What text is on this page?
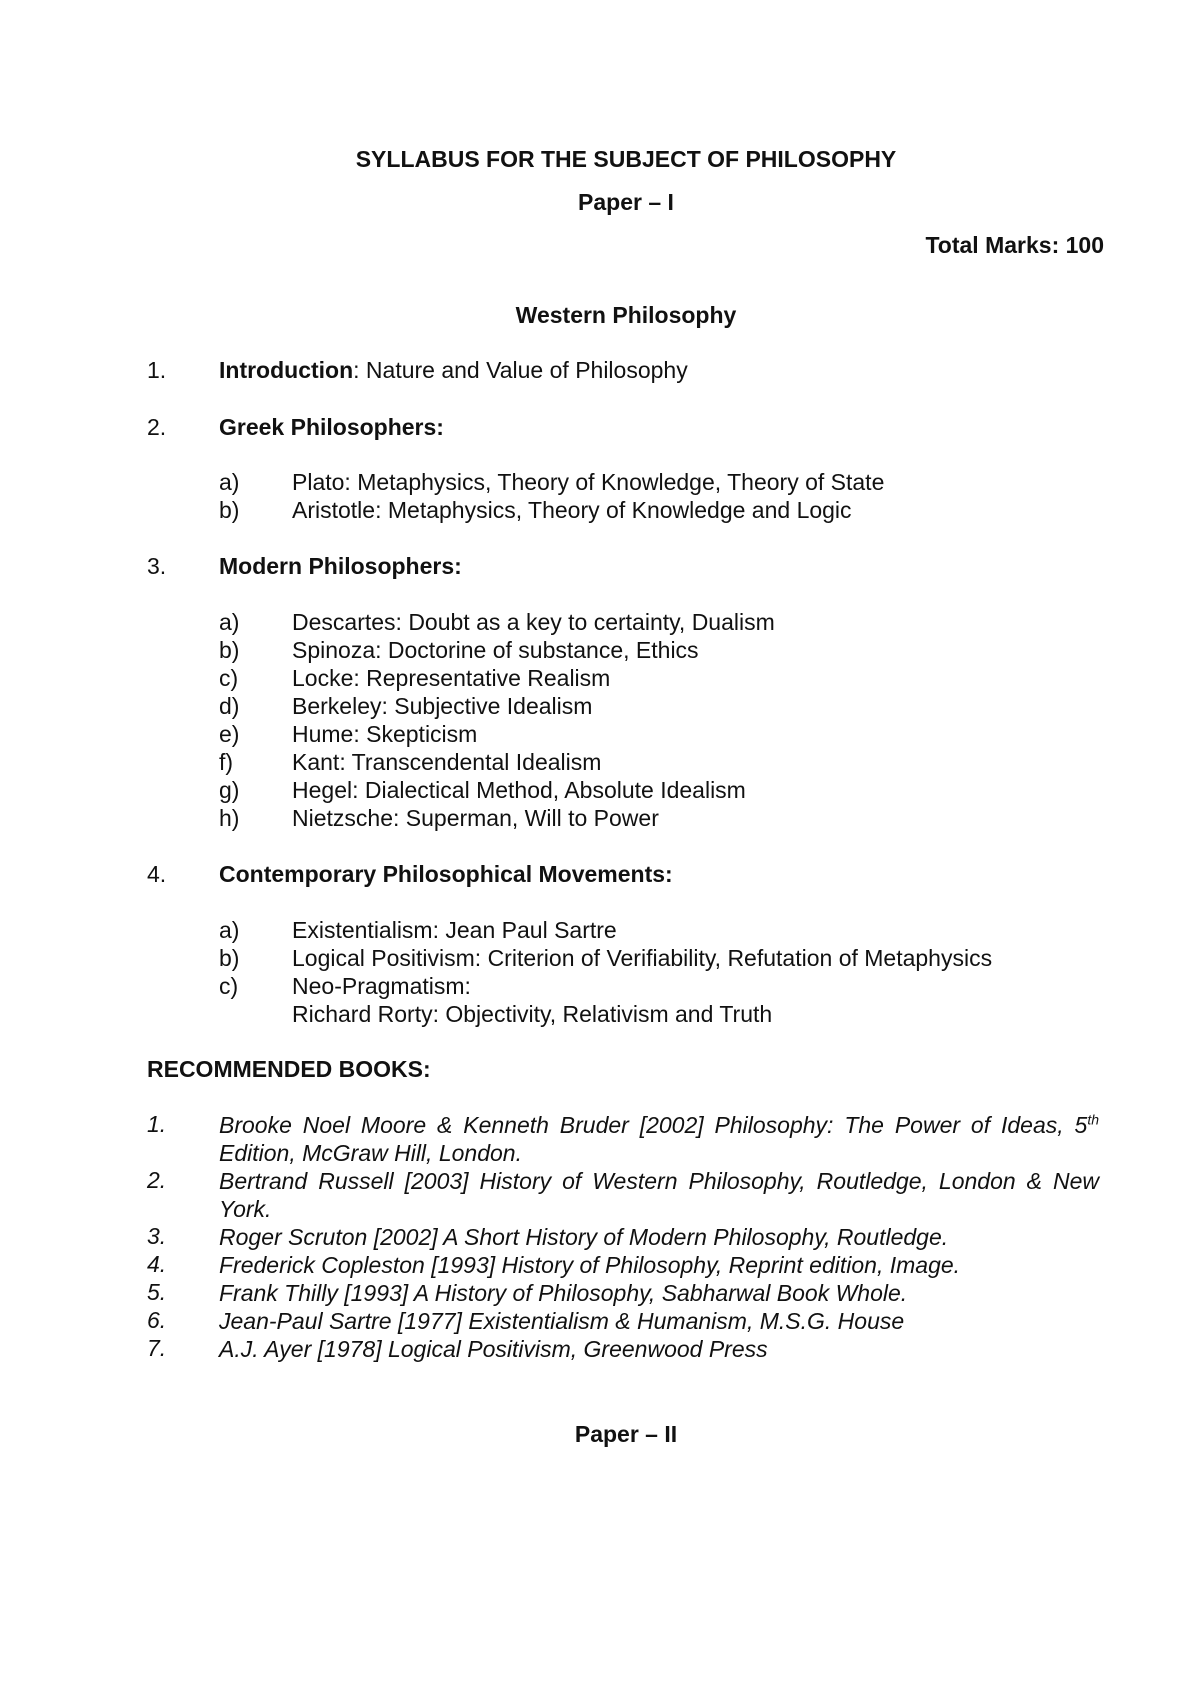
SYLLABUS FOR THE SUBJECT OF PHILOSOPHY
Paper – I
Total Marks: 100
Western Philosophy
1. Introduction: Nature and Value of Philosophy
2. Greek Philosophers:
a) Plato: Metaphysics, Theory of Knowledge, Theory of State
b) Aristotle: Metaphysics, Theory of Knowledge and Logic
3. Modern Philosophers:
a) Descartes: Doubt as a key to certainty, Dualism
b) Spinoza: Doctorine of substance, Ethics
c) Locke: Representative Realism
d) Berkeley: Subjective Idealism
e) Hume: Skepticism
f)	Kant: Transcendental Idealism
g) Hegel: Dialectical Method, Absolute Idealism
h) Nietzsche: Superman, Will to Power
4. Contemporary Philosophical Movements:
a) Existentialism: Jean Paul Sartre
b) Logical Positivism: Criterion of Verifiability, Refutation of Metaphysics
c) Neo-Pragmatism:
Richard Rorty: Objectivity, Relativism and Truth
RECOMMENDED BOOKS:
1. Brooke Noel Moore & Kenneth Bruder [2002] Philosophy: The Power of Ideas, 5th Edition, McGraw Hill, London.
2. Bertrand Russell [2003] History of Western Philosophy, Routledge, London & New York.
3. Roger Scruton [2002] A Short History of Modern Philosophy, Routledge.
4. Frederick Copleston [1993] History of Philosophy, Reprint edition, Image.
5. Frank Thilly [1993] A History of Philosophy, Sabharwal Book Whole.
6. Jean-Paul Sartre [1977] Existentialism & Humanism, M.S.G. House
7. A.J. Ayer [1978] Logical Positivism, Greenwood Press
Paper – II
